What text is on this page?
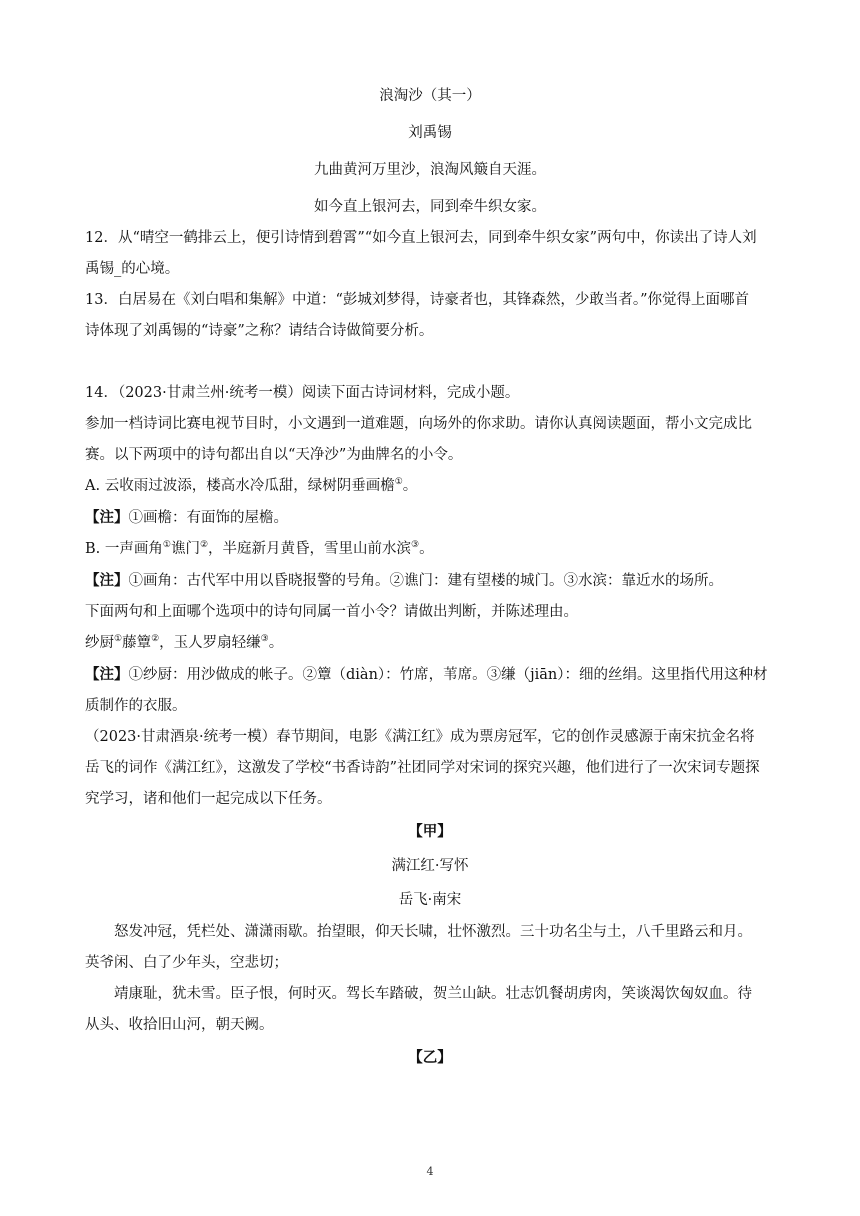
浪淘沙（其一）

刘禹锡

九曲黄河万里沙，浪淘风簸自天涯。

如今直上银河去，同到牵牛织女家。

12．从“晴空一鹤排云上，便引诗情到碧霄”“如今直上银河去，同到牵牛织女家”两句中，你读出了诗人刘

禹锡_的心境。

13．白居易在《刘白唱和集解》中道：“彭城刘梦得，诗豪者也，其锋森然，少敢当者。”你觉得上面哪首

诗体现了刘禹锡的“诗豪”之称？请结合诗做简要分析。

14．（2023·甘肃兰州·统考一模）阅读下面古诗词材料，完成小题。

参加一档诗词比赛电视节目时，小文遇到一道难题，向场外的你求助。请你认真阅读题面，帮小文完成比

赛。以下两项中的诗句都出自以“天净沙”为曲牌名的小令。

A. 云收雨过波添，楼高水冷瓜甜，绿树阴垂画檐①。

【注】①画檐：有面饰的屋檐。

B. 一声画角①谯门②，半庭新月黄昏，雪里山前水滨③。

【注】①画角：古代军中用以昏晓报警的号角。②谯门：建有望楼的城门。③水滨：靠近水的场所。

下面两句和上面哪个选项中的诗句同属一首小令？请做出判断，并陈述理由。

纱厨①藤簟②，玉人罗扇轻缣③。

【注】①纱厨：用沙做成的帐子。②簟（diàn）：竹席，苇席。③缣（jiān）：细的丝绢。这里指代用这种材

质制作的衣服。

（2023·甘肃酒泉·统考一模）春节期间，电影《满江红》成为票房冠军，它的创作灵感源于南宋抗金名将

岳飞的词作《满江红》，这激发了学校“书香诗韵”社团同学对宋词的探究兴趣，他们进行了一次宋词专题探

究学习，诸和他们一起完成以下任务。

【甲】

满江红·写怀

岳飞·南宋

怒发冲冠，凭栏处、潇潇雨歇。抬望眼，仰天长啸，壮怀激烈。三十功名尘与土，八千里路云和月。

英爷闲、白了少年头，空悲切；

靖康耻，犹未雪。臣子恨，何时灭。驾长车踏破，贺兰山缺。壮志饥餐胡虏肉，笑谈渴饮匈奴血。待

从头、收拾旧山河，朝天阙。

【乙】

4
